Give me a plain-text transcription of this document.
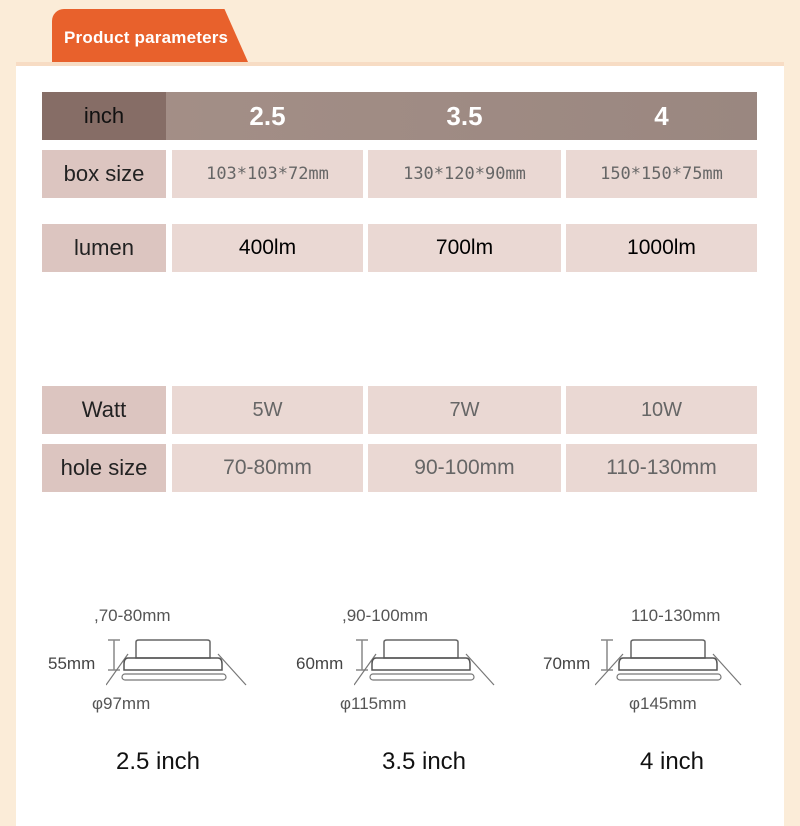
Product parameters
inch	2.5	3.5	4
box size	103*103*72mm	130*120*90mm	150*150*75mm
lumen	400lm	700lm	1000lm
Watt	5W	7W	10W
hole size	70-80mm	90-100mm	110-130mm
,70-80mm
55mm
φ97mm
,90-100mm
60mm
φ115mm
110-130mm
70mm
φ145mm
2.5 inch	3.5 inch	4 inch
